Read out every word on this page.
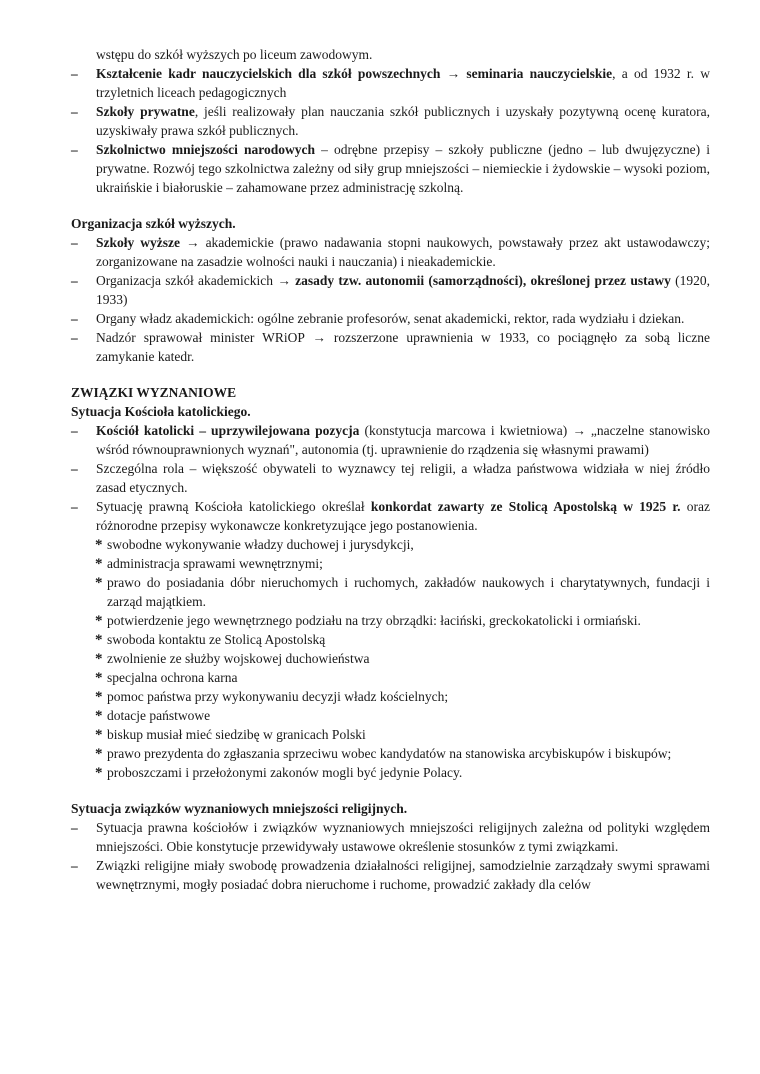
wstępu do szkół wyższych po liceum zawodowym.

– Kształcenie kadr nauczycielskich dla szkół powszechnych → seminaria nauczycielskie, a od 1932 r. w trzyletnich liceach pedagogicznych

– Szkoły prywatne, jeśli realizowały plan nauczania szkół publicznych i uzyskały pozytywną ocenę kuratora, uzyskiwały prawa szkół publicznych.

– Szkolnictwo mniejszości narodowych – odrębne przepisy – szkoły publiczne (jedno – lub dwujęzyczne) i prywatne. Rozwój tego szkolnictwa zależny od siły grup mniejszości – niemieckie i żydowskie – wysoki poziom, ukraińskie i białoruskie – zahamowane przez administrację szkolną.

Organizacja szkół wyższych.

– Szkoły wyższe → akademickie (prawo nadawania stopni naukowych, powstawały przez akt ustawodawczy; zorganizowane na zasadzie wolności nauki i nauczania) i nieakademickie.

– Organizacja szkół akademickich → zasady tzw. autonomii (samorządności), określonej przez ustawy (1920, 1933)

– Organy władz akademickich: ogólne zebranie profesorów, senat akademicki, rektor, rada wydziału i dziekan.

– Nadzór sprawował minister WRiOP → rozszerzone uprawnienia w 1933, co pociągnęło za sobą liczne zamykanie katedr.

ZWIĄZKI WYZNANIOWE
Sytuacja Kościoła katolickiego.

– Kościół katolicki – uprzywilejowana pozycja (konstytucja marcowa i kwietniowa) → „naczelne stanowisko wśród równouprawnionych wyznań", autonomia (tj. uprawnienie do rządzenia się własnymi prawami)

– Szczególna rola – większość obywateli to wyznawcy tej religii, a władza państwowa widziała w niej źródło zasad etycznych.

– Sytuację prawną Kościoła katolickiego określał konkordat zawarty ze Stolicą Apostolską w 1925 r. oraz różnorodne przepisy wykonawcze konkretyzujące jego postanowienia.

* swobodne wykonywanie władzy duchowej i jurysdykcji,

* administracja sprawami wewnętrznymi;

* prawo do posiadania dóbr nieruchomych i ruchomych, zakładów naukowych i charytatywnych, fundacji i zarząd majątkiem.

* potwierdzenie jego wewnętrznego podziału na trzy obrządki: łaciński, greckokatolicki i ormiański.

* swoboda kontaktu ze Stolicą Apostolską

* zwolnienie ze służby wojskowej duchowieństwa

* specjalna ochrona karna

* pomoc państwa przy wykonywaniu decyzji władz kościelnych;

* dotacje państwowe

* biskup musiał mieć siedzibę w granicach Polski

* prawo prezydenta do zgłaszania sprzeciwu wobec kandydatów na stanowiska arcybiskupów i biskupów;

* proboszczami i przełożonymi zakonów mogli być jedynie Polacy.

Sytuacja związków wyznaniowych mniejszości religijnych.

– Sytuacja prawna kościołów i związków wyznaniowych mniejszości religijnych zależna od polityki względem mniejszości. Obie konstytucje przewidywały ustawowe określenie stosunków z tymi związkami.

– Związki religijne miały swobodę prowadzenia działalności religijnej, samodzielnie zarządzały swymi sprawami wewnętrznymi, mogły posiadać dobra nieruchome i ruchome, prowadzić zakłady dla celów
